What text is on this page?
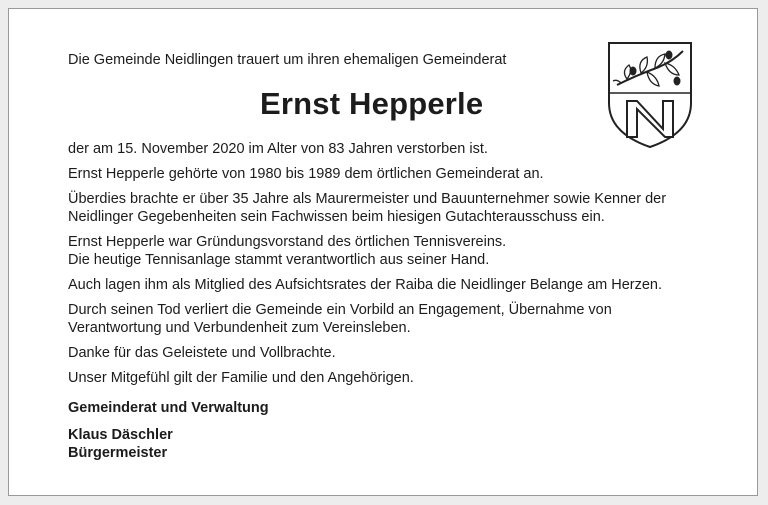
Die Gemeinde Neidlingen trauert um ihren ehemaligen Gemeinderat
Ernst Hepperle

der am 15. November 2020 im Alter von 83 Jahren verstorben ist.

Ernst Hepperle gehörte von 1980 bis 1989 dem örtlichen Gemeinderat an.

Überdies brachte er über 35 Jahre als Maurermeister und Bauunternehmer sowie Kenner der Neidlinger Gegebenheiten sein Fachwissen beim hiesigen Gutachterausschuss ein.

Ernst Hepperle war Gründungsvorstand des örtlichen Tennisvereins.

Die heutige Tennisanlage stammt verantwortlich aus seiner Hand.

Auch lagen ihm als Mitglied des Aufsichtsrates der Raiba die Neidlinger Belange am Herzen.

Durch seinen Tod verliert die Gemeinde ein Vorbild an Engagement, Übernahme von Verantwortung und Verbundenheit zum Vereinsleben.

Danke für das Geleistete und Vollbrachte.

Unser Mitgefühl gilt der Familie und den Angehörigen.

Gemeinderat und Verwaltung

Klaus Däschler

Bürgermeister
